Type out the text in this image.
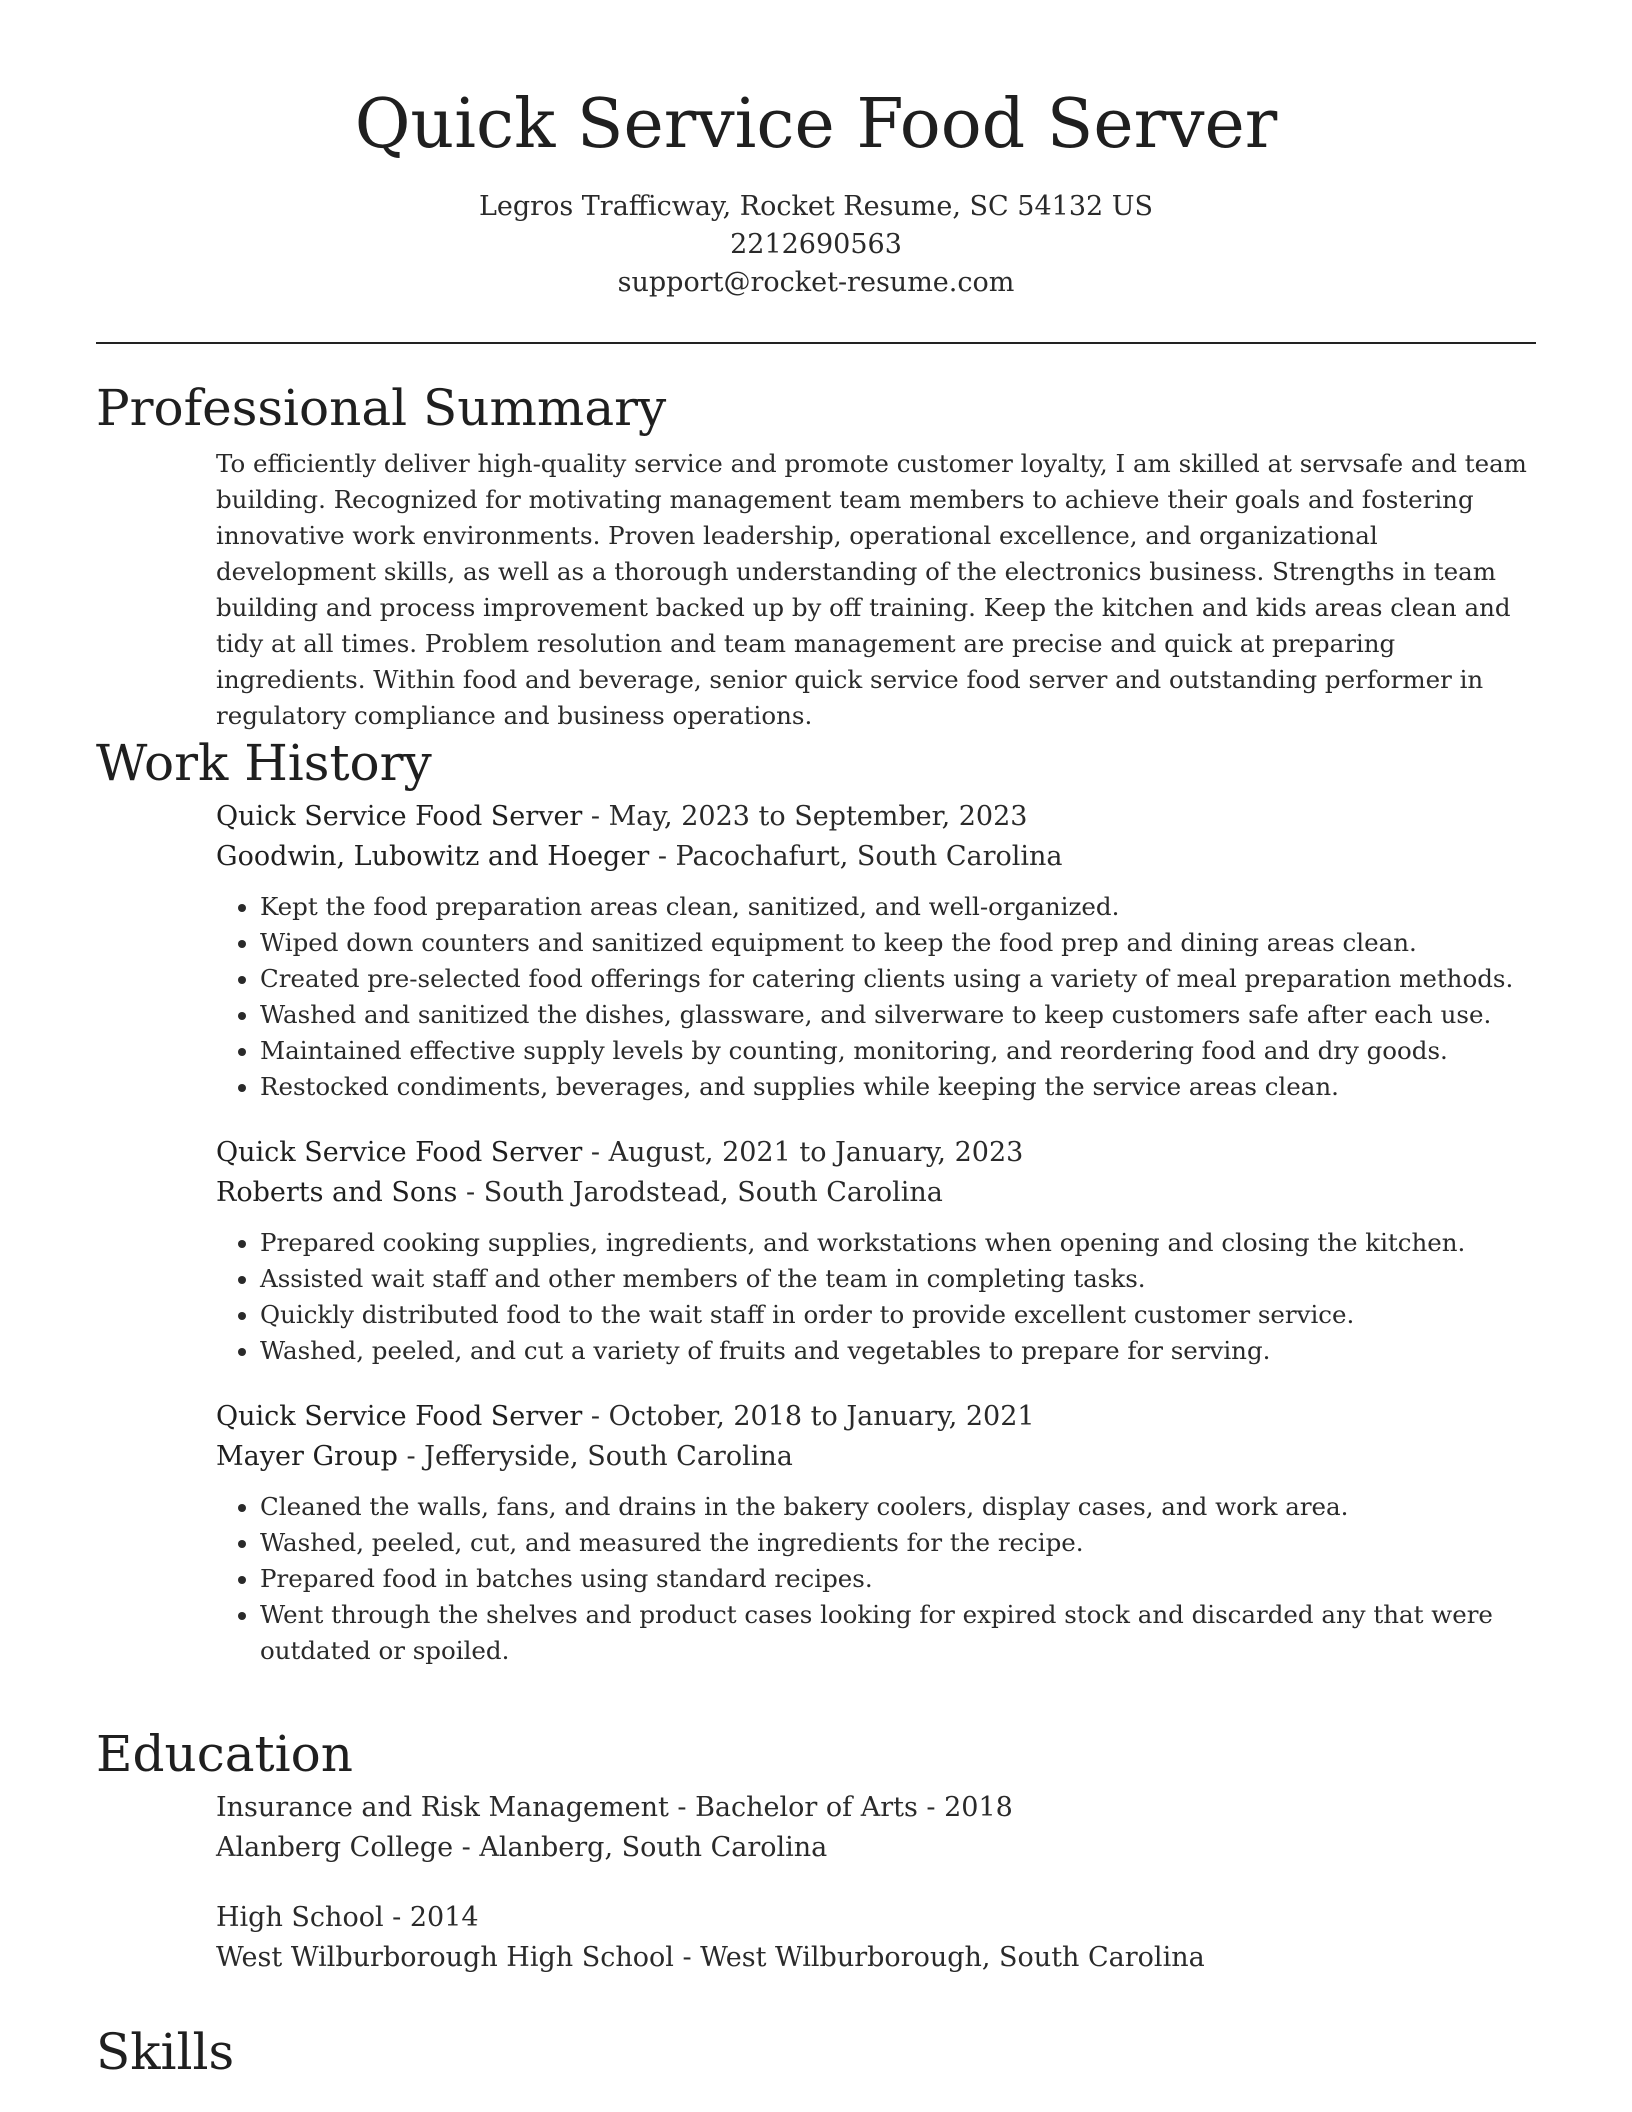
Quick Service Food Server

Legros Trafficway, Rocket Resume, SC 54132 US

2212690563

support@rocket-resume.com

Professional Summary

To efficiently deliver high-quality service and promote customer loyalty, I am skilled at servsafe and team building. Recognized for motivating management team members to achieve their goals and fostering innovative work environments. Proven leadership, operational excellence, and organizational development skills, as well as a thorough understanding of the electronics business. Strengths in team building and process improvement backed up by off training. Keep the kitchen and kids areas clean and tidy at all times. Problem resolution and team management are precise and quick at preparing ingredients. Within food and beverage, senior quick service food server and outstanding performer in regulatory compliance and business operations.

Work History
Quick Service Food Server - May, 2023 to September, 2023
Goodwin, Lubowitz and Hoeger - Pacochafurt, South Carolina
• Kept the food preparation areas clean, sanitized, and well-organized.
• Wiped down counters and sanitized equipment to keep the food prep and dining areas clean.
• Created pre-selected food offerings for catering clients using a variety of meal preparation methods.
• Washed and sanitized the dishes, glassware, and silverware to keep customers safe after each use.
• Maintained effective supply levels by counting, monitoring, and reordering food and dry goods.
• Restocked condiments, beverages, and supplies while keeping the service areas clean.
Quick Service Food Server - August, 2021 to January, 2023
Roberts and Sons - South Jarodstead, South Carolina
• Prepared cooking supplies, ingredients, and workstations when opening and closing the kitchen.
• Assisted wait staff and other members of the team in completing tasks.
• Quickly distributed food to the wait staff in order to provide excellent customer service.
• Washed, peeled, and cut a variety of fruits and vegetables to prepare for serving.
Quick Service Food Server - October, 2018 to January, 2021
Mayer Group - Jefferyside, South Carolina
• Cleaned the walls, fans, and drains in the bakery coolers, display cases, and work area.
• Washed, peeled, cut, and measured the ingredients for the recipe.
• Prepared food in batches using standard recipes.
• Went through the shelves and product cases looking for expired stock and discarded any that were outdated or spoiled.
Education
Insurance and Risk Management - Bachelor of Arts - 2018
Alanberg College - Alanberg, South Carolina
High School - 2014
West Wilburborough High School - West Wilburborough, South Carolina
Skills
